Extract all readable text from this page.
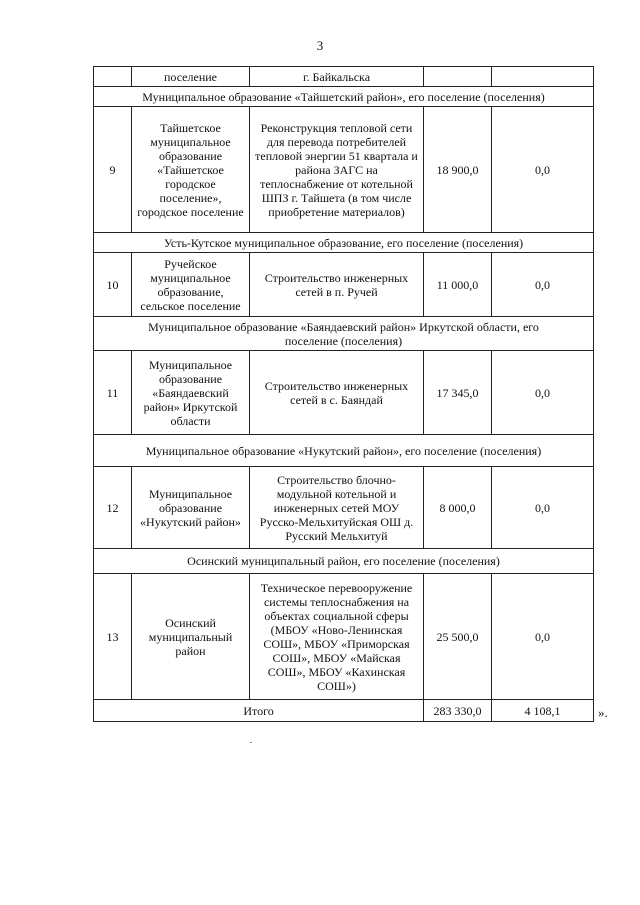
3
	поселение	г. Байкальска		
Муниципальное образование «Тайшетский район», его поселение (поселения)				
9	Тайшетское муниципальное образование «Тайшетское городское поселение», городское поселение	Реконструкция тепловой сети для перевода потребителей тепловой энергии 51 квартала и района ЗАГС на теплоснабжение от котельной ШПЗ г. Тайшета (в том числе приобретение материалов)	18 900,0	0,0
Усть-Кутское муниципальное образование, его поселение (поселения)				
10	Ручейское муниципальное образование, сельское поселение	Строительство инженерных сетей в п. Ручей	11 000,0	0,0
Муниципальное образование «Баяндаевский район» Иркутской области, его поселение (поселения)				
11	Муниципальное образование «Баяндаевский район» Иркутской области	Строительство инженерных сетей в с. Баяндай	17 345,0	0,0
Муниципальное образование «Нукутский район», его поселение (поселения)				
12	Муниципальное образование «Нукутский район»	Строительство блочно-модульной котельной и инженерных сетей МОУ Русско-Мельхитуйская ОШ д. Русский Мельхитуй	8 000,0	0,0
Осинский муниципальный район, его поселение (поселения)				
13	Осинский муниципальный район	Техническое перевооружение системы теплоснабжения на объектах социальной сферы (МБОУ «Ново-Ленинская СОШ», МБОУ «Приморская СОШ», МБОУ «Майская СОШ», МБОУ «Кахинская СОШ»)	25 500,0	0,0
Итого			283 330,0	4 108,1	».
